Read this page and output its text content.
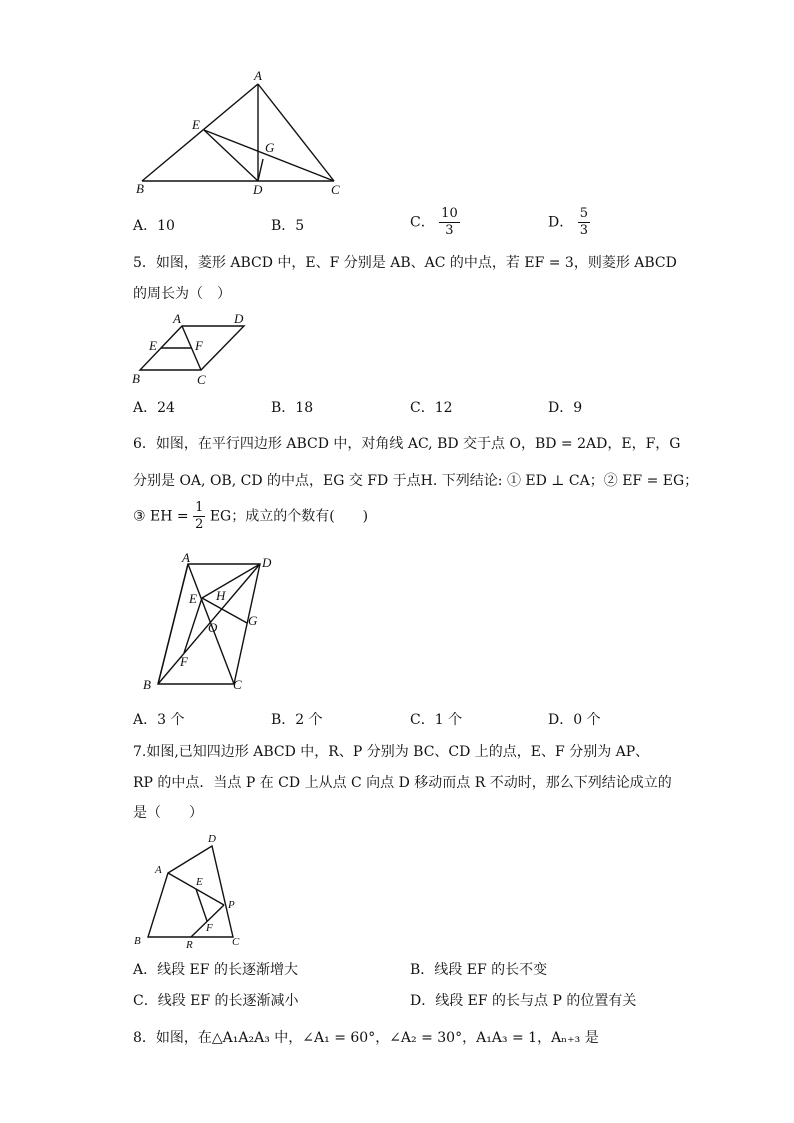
A
E
G
B	D	C
A．10	B．5	C． $\frac{10}{3}$	D． $\frac{5}{3}$
5．如图，菱形 ABCD 中，E、F 分别是 AB、AC 的中点，若 EF = 3，则菱形 ABCD
的周长为（　）
A	D
E	F
B	C
A．24	B．18	C．12	D．9
6．如图，在平行四边形 ABCD 中，对角线 AC, BD 交于点 O，BD = 2AD，E，F，G
分别是 OA, OB, CD 的中点，EG 交 FD 于点H. 下列结论: ① ED ⊥ CA；② EF = EG；
③ EH = $\frac{1}{2}$ EG；成立的个数有(　　)
A	D
E H
G
O
F
B	C
A．3 个	B．2 个	C．1 个	D．0 个
7.如图,已知四边形 ABCD 中，R、P 分别为 BC、CD 上的点，E、F 分别为 AP、
RP 的中点．当点 P 在 CD 上从点 C 向点 D 移动而点 R 不动时，那么下列结论成立的
是（　　）
D
A
E
P
F
B	R	C
A．线段 EF 的长逐渐增大	B．线段 EF 的长不变
C．线段 EF 的长逐渐减小	D．线段 EF 的长与点 P 的位置有关
8．如图，在△A₁A₂A₃ 中，∠A₁ = 60°，∠A₂ = 30°，A₁A₃ = 1，Aₙ₊₃ 是
